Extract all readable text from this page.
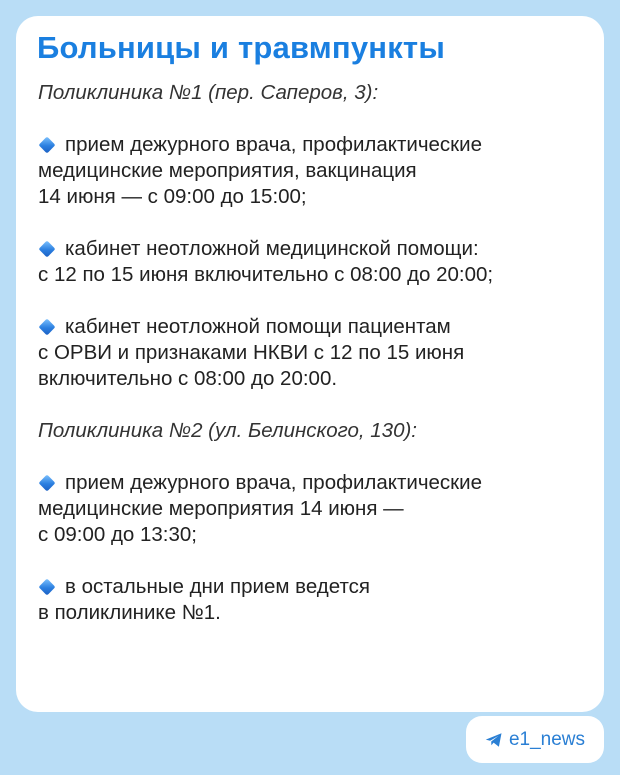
Больницы и травмпункты

Поликлиника №1 (пер. Саперов, 3):

прием дежурного врача, профилактические
медицинские мероприятия, вакцинация
14 июня — с 09:00 до 15:00;
кабинет неотложной медицинской помощи:
с 12 по 15 июня включительно с 08:00 до 20:00;
кабинет неотложной помощи пациентам
с ОРВИ и признаками НКВИ с 12 по 15 июня
включительно с 08:00 до 20:00.

Поликлиника №2 (ул. Белинского, 130):

прием дежурного врача, профилактические
медицинские мероприятия 14 июня —
с 09:00 до 13:30;
в остальные дни прием ведется
в поликлинике №1.
e1_news
